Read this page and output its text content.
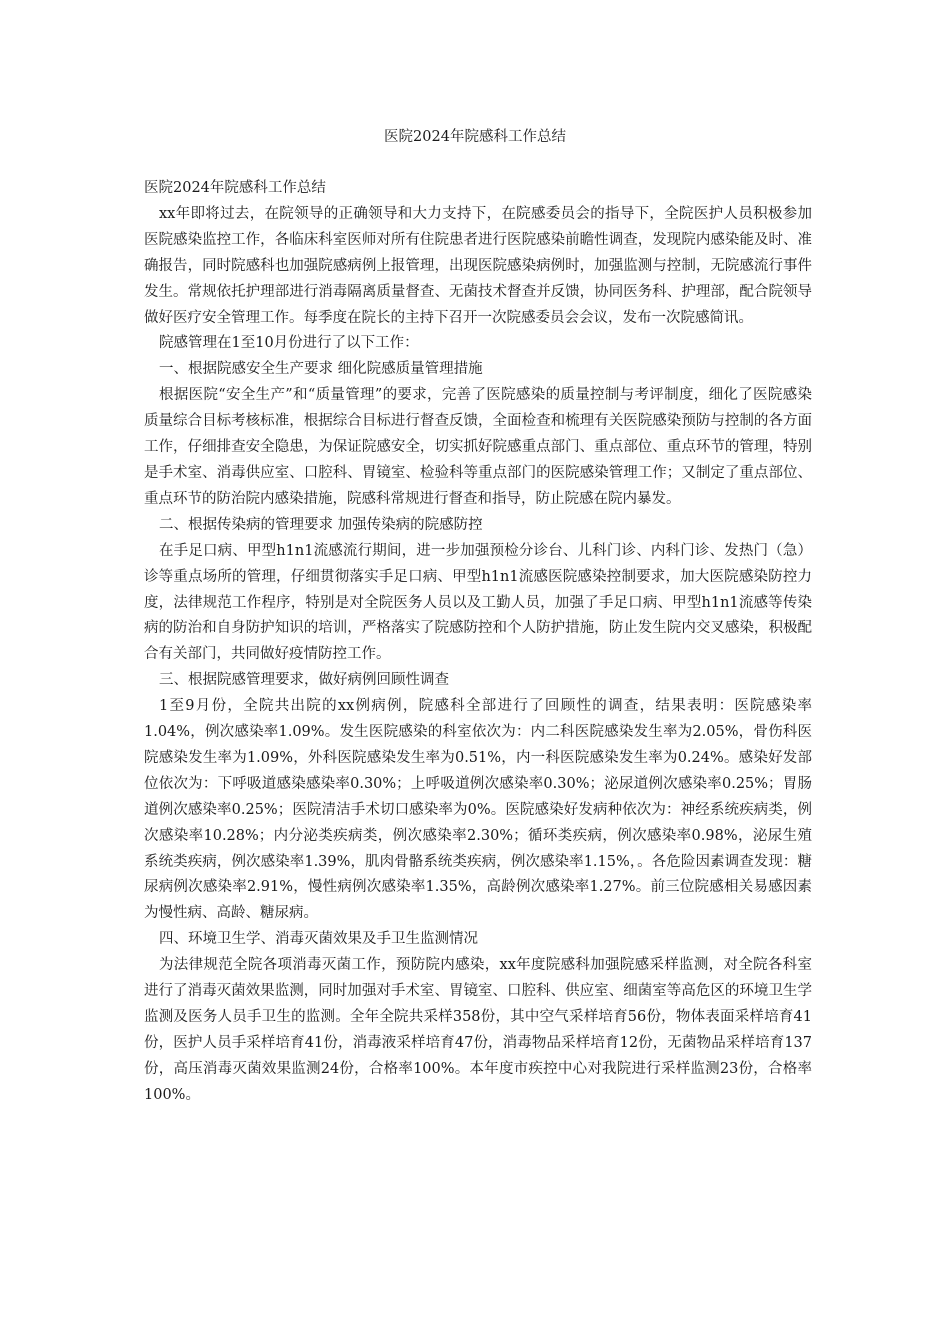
医院2024年院感科工作总结

医院2024年院感科工作总结

xx年即将过去，在院领导的正确领导和大力支持下，在院感委员会的指导下，全院医护人员积极参加医院感染监控工作，各临床科室医师对所有住院患者进行医院感染前瞻性调查，发现院内感染能及时、准确报告，同时院感科也加强院感病例上报管理，出现医院感染病例时，加强监测与控制，无院感流行事件发生。常规依托护理部进行消毒隔离质量督查、无菌技术督查并反馈，协同医务科、护理部，配合院领导做好医疗安全管理工作。每季度在院长的主持下召开一次院感委员会会议，发布一次院感简讯。

院感管理在1至10月份进行了以下工作：

一、根据院感安全生产要求 细化院感质量管理措施

根据医院“安全生产”和“质量管理”的要求，完善了医院感染的质量控制与考评制度，细化了医院感染质量综合目标考核标准，根据综合目标进行督查反馈，全面检查和梳理有关医院感染预防与控制的各方面工作，仔细排查安全隐患，为保证院感安全，切实抓好院感重点部门、重点部位、重点环节的管理，特别是手术室、消毒供应室、口腔科、胃镜室、检验科等重点部门的医院感染管理工作；又制定了重点部位、重点环节的防治院内感染措施，院感科常规进行督查和指导，防止院感在院内暴发。

二、根据传染病的管理要求 加强传染病的院感防控

在手足口病、甲型h1n1流感流行期间，进一步加强预检分诊台、儿科门诊、内科门诊、发热门（急）诊等重点场所的管理，仔细贯彻落实手足口病、甲型h1n1流感医院感染控制要求，加大医院感染防控力度，法律规范工作程序，特别是对全院医务人员以及工勤人员，加强了手足口病、甲型h1n1流感等传染病的防治和自身防护知识的培训，严格落实了院感防控和个人防护措施，防止发生院内交叉感染，积极配合有关部门，共同做好疫情防控工作。

三、根据院感管理要求，做好病例回顾性调查

1至9月份，全院共出院的xx例病例，院感科全部进行了回顾性的调查，结果表明：医院感染率1.04%，例次感染率1.09%。发生医院感染的科室依次为：内二科医院感染发生率为2.05%，骨伤科医院感染发生率为1.09%，外科医院感染发生率为0.51%，内一科医院感染发生率为0.24%。感染好发部位依次为：下呼吸道感染感染率0.30%；上呼吸道例次感染率0.30%；泌尿道例次感染率0.25%；胃肠道例次感染率0.25%；医院清洁手术切口感染率为0%。医院感染好发病种依次为：神经系统疾病类，例次感染率10.28%；内分泌类疾病类，例次感染率2.30%；循环类疾病，例次感染率0.98%，泌尿生殖系统类疾病，例次感染率1.39%，肌肉骨骼系统类疾病，例次感染率1.15%，。各危险因素调查发现：糖尿病例次感染率2.91%，慢性病例次感染率1.35%，高龄例次感染率1.27%。前三位院感相关易感因素为慢性病、高龄、糖尿病。

四、环境卫生学、消毒灭菌效果及手卫生监测情况

为法律规范全院各项消毒灭菌工作，预防院内感染，xx年度院感科加强院感采样监测，对全院各科室进行了消毒灭菌效果监测，同时加强对手术室、胃镜室、口腔科、供应室、细菌室等高危区的环境卫生学监测及医务人员手卫生的监测。全年全院共采样358份，其中空气采样培育56份，物体表面采样培育41份，医护人员手采样培育41份，消毒液采样培育47份，消毒物品采样培育12份，无菌物品采样培育137份，高压消毒灭菌效果监测24份，合格率100%。本年度市疾控中心对我院进行采样监测23份，合格率100%。
